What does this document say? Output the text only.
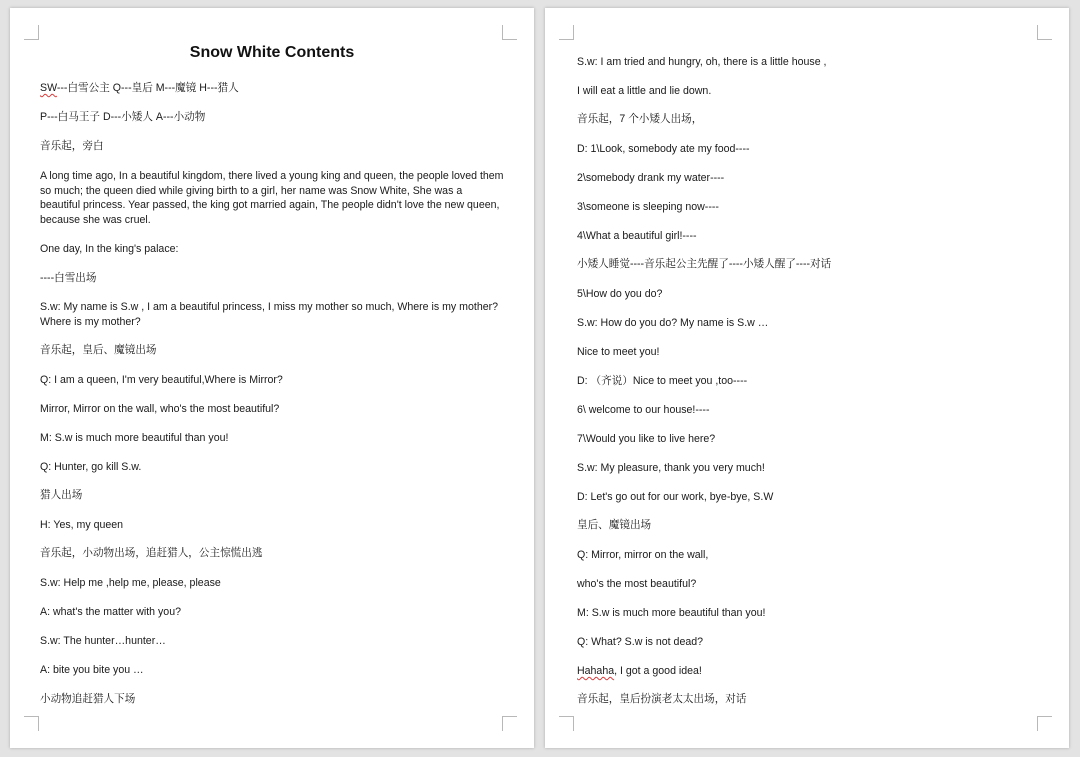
Snow White Contents
SW---白雪公主 Q---皇后 M---魔镜 H---猎人
P---白马王子 D---小矮人 A---小动物
音乐起，旁白
A long time ago, In a beautiful kingdom, there lived a young king and queen, the people loved them so much; the queen died while giving birth to a girl, her name was Snow White, She was a beautiful princess. Year passed, the king got married again, The people didn't love the new queen, because she was cruel.
One day, In the king's palace:
----白雪出场
S.w: My name is S.w , I am a beautiful princess, I miss my mother so much, Where is my mother? Where is my mother?
音乐起，皇后、魔镜出场
Q: I am a queen, I'm very beautiful,Where is Mirror?
Mirror, Mirror on the wall, who's the most beautiful?
M: S.w is much more beautiful than you!
Q: Hunter, go kill S.w.
猎人出场
H: Yes, my queen
音乐起，小动物出场，追赶猎人，公主惊慌出逃
S.w: Help me ,help me, please, please
A: what's the matter with you?
S.w: The hunter…hunter…
A: bite you bite you …
小动物追赶猎人下场
S.w: I am tried and hungry, oh, there is a little house ,
I will eat a little and lie down.
音乐起，7 个小矮人出场，
D: 1\Look, somebody ate my food----
2\somebody drank my water----
3\someone is sleeping now----
4\What a beautiful girl!----
小矮人睡觉----音乐起公主先醒了----小矮人醒了----对话
5\How do you do?
S.w: How do you do? My name is S.w …
Nice to meet you!
D: （齐说）Nice to meet you ,too----
6\ welcome to our house!----
7\Would you like to live here?
S.w: My pleasure, thank you very much!
D: Let's go out for our work, bye-bye, S.W
皇后、魔镜出场
Q: Mirror, mirror on the wall,
who's the most beautiful?
M: S.w is much more beautiful than you!
Q: What? S.w is not dead?
Hahaha, I got a good idea!
音乐起，皇后扮演老太太出场，对话
